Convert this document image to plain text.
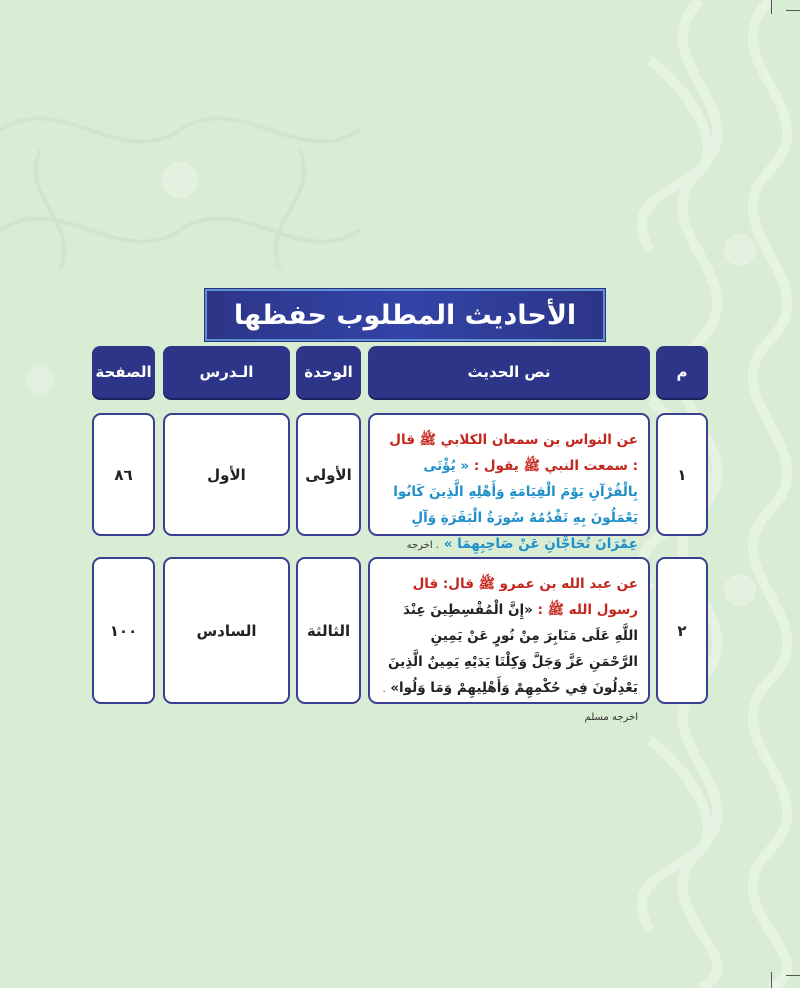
الأحاديث المطلوب حفظها
م
نص الحديث
الوحدة
الـدرس
الصفحة
١
عن النواس بن سمعان الكلابي ﷺ قال : سمعت النبي ﷺ يقول : « يُؤْتَى بِالْقُرْآنِ يَوْمَ الْقِيَامَةِ وَأَهْلِهِ الَّذِينَ كَانُوا يَعْمَلُونَ بِهِ تَقْدُمُهُ سُورَةُ الْبَقَرَةِ وَآلِ عِمْرَانَ تُحَاجَّانِ عَنْ صَاحِبِهِمَا » . اخرجه
الأولى
الأول
٨٦
٢
عن عبد الله بن عمرو ﷺ قال: قال رسول الله ﷺ : «إِنَّ الْمُقْسِطِينَ عِنْدَ اللَّهِ عَلَى مَنَابِرَ مِنْ نُورٍ عَنْ يَمِينِ الرَّحْمَنِ عَزَّ وَجَلَّ وَكِلْتَا يَدَيْهِ يَمِينٌ الَّذِينَ يَعْدِلُونَ فِي حُكْمِهِمْ وَأَهْلِيهِمْ وَمَا وَلُوا» . اخرجه مسلم
الثالثة
السادس
١٠٠
